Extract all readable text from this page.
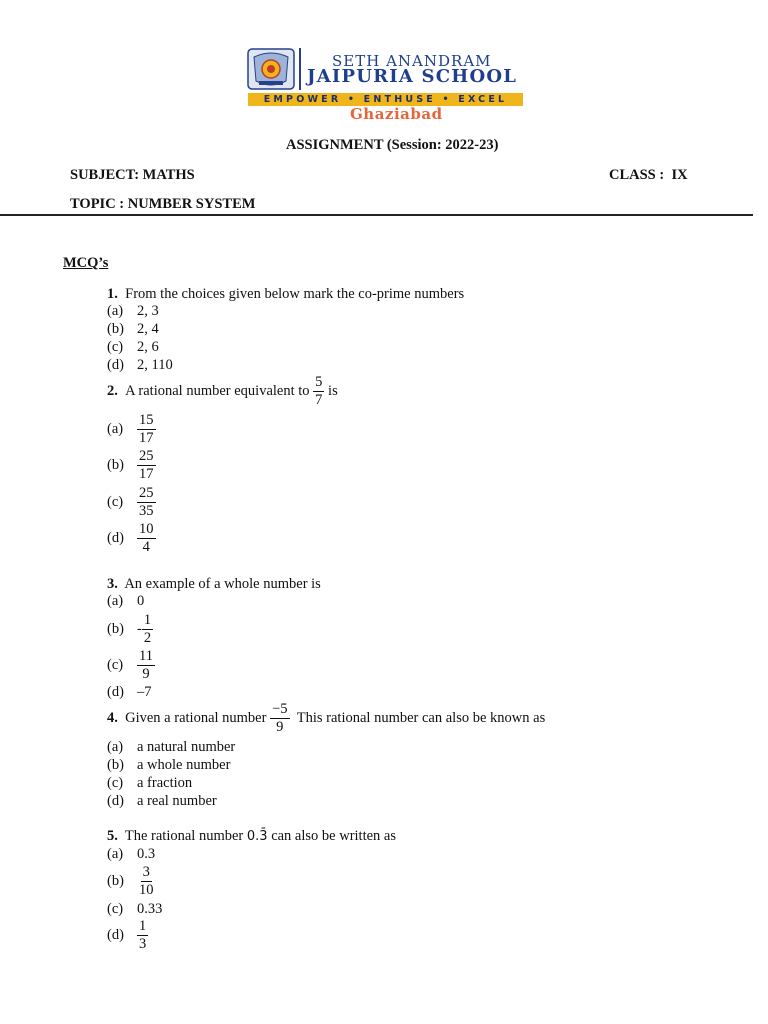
SETH ANANDRAM
JAIPURIA SCHOOL
EMPOWER • ENTHUSE • EXCEL
Ghaziabad
ASSIGNMENT (Session: 2022-23)
SUBJECT: MATHS	CLASS :  IX
TOPIC : NUMBER SYSTEM
MCQ’s
1. From the choices given below mark the co-prime numbers
(a) 2, 3
(b) 2, 4
(c) 2, 6
(d) 2, 110
2.
A rational number equivalent to
$\frac{5}{7}$
is
$(a) \frac{15}{17}$
$(b) \frac{25}{17}$
$(c) \frac{25}{35}$
$(d) \frac{10}{4}$
3. An example of a whole number is
(a) 0
$(b) - \frac{1}{2}$
$(c) \frac{11}{9}$
(d) –7
4.
Given a rational number
$\frac{-5}{9}$
This rational number can also be known as
(a) a natural number
(b) a whole number
(c) a fraction
(d) a real number
5. The rational number 0.3̄ can also be written as
(a) 0.3
$(b) \frac{3}{10}$
(c) 0.33
$(d) \frac{1}{3}$
